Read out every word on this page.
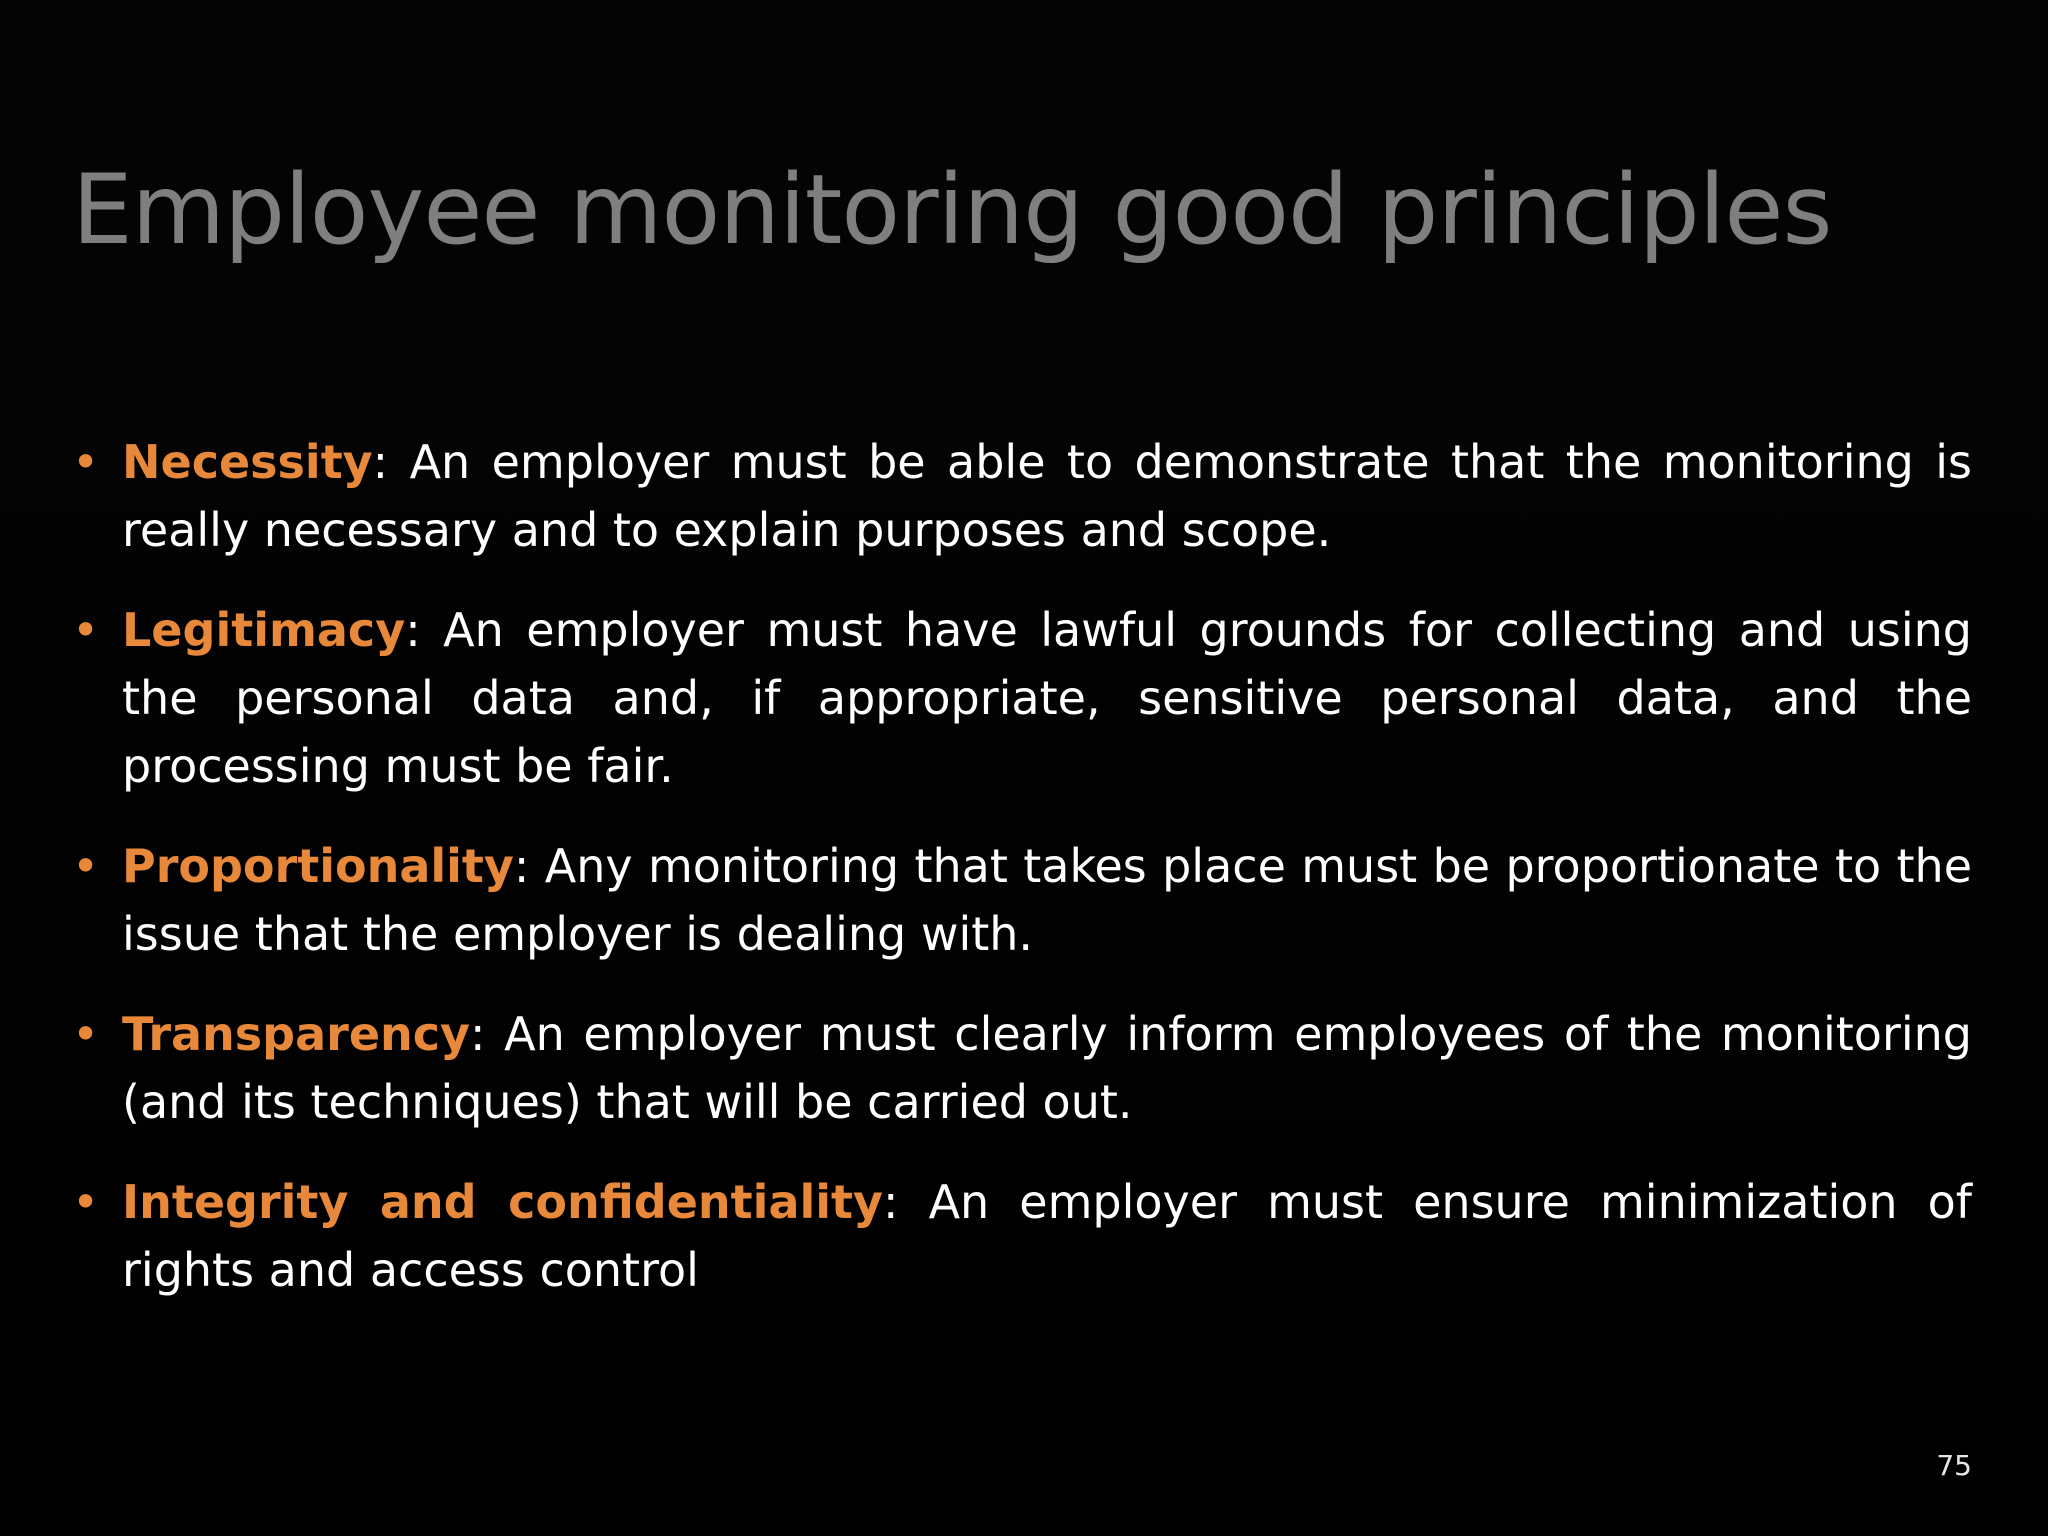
Employee monitoring good principles
• Necessity: An employer must be able to demonstrate that the monitoring is really necessary and to explain purposes and scope.
• Legitimacy: An employer must have lawful grounds for collecting and using the personal data and, if appropriate, sensitive personal data, and the processing must be fair.
• Proportionality: Any monitoring that takes place must be proportionate to the issue that the employer is dealing with.
• Transparency: An employer must clearly inform employees of the monitoring (and its techniques) that will be carried out.
• Integrity and confidentiality: An employer must ensure minimization of rights and access control
75
